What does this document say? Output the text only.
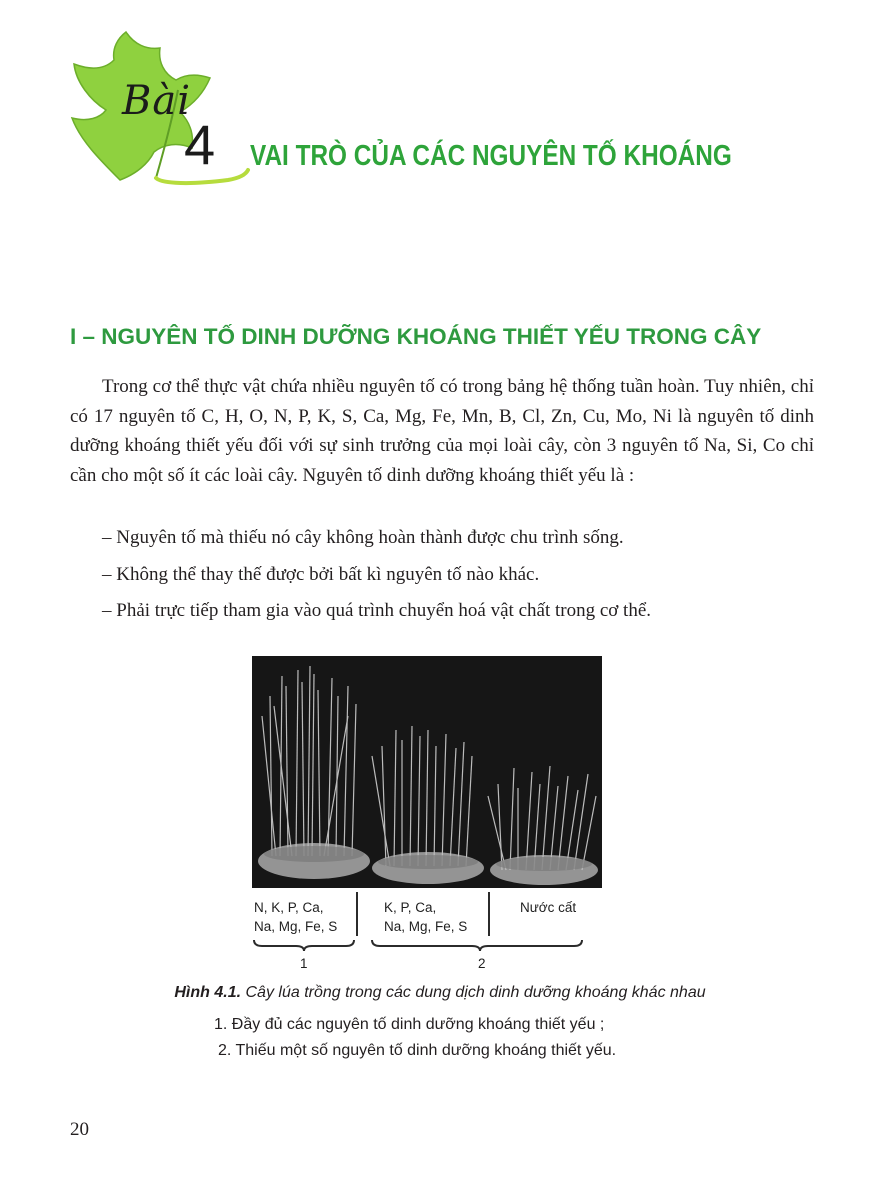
Bài
4 VAI TRÒ CỦA CÁC NGUYÊN TỐ KHOÁNG
I – NGUYÊN TỐ DINH DƯỠNG KHOÁNG THIẾT YẾU TRONG CÂY

Trong cơ thể thực vật chứa nhiều nguyên tố có trong bảng hệ thống tuần hoàn. Tuy nhiên, chỉ có 17 nguyên tố C, H, O, N, P, K, S, Ca, Mg, Fe, Mn, B, Cl, Zn, Cu, Mo, Ni là nguyên tố dinh dưỡng khoáng thiết yếu đối với sự sinh trưởng của mọi loài cây, còn 3 nguyên tố Na, Si, Co chỉ cần cho một số ít các loài cây. Nguyên tố dinh dưỡng khoáng thiết yếu là :

– Nguyên tố mà thiếu nó cây không hoàn thành được chu trình sống.
– Không thể thay thế được bởi bất kì nguyên tố nào khác.
– Phải trực tiếp tham gia vào quá trình chuyển hoá vật chất trong cơ thể.
N, K, P, Ca,
Na, Mg, Fe, S
K, P, Ca,
Na, Mg, Fe, S
Nước cất
1	2
Hình 4.1. Cây lúa trồng trong các dung dịch dinh dưỡng khoáng khác nhau
1. Đầy đủ các nguyên tố dinh dưỡng khoáng thiết yếu ;
2. Thiếu một số nguyên tố dinh dưỡng khoáng thiết yếu.
20
